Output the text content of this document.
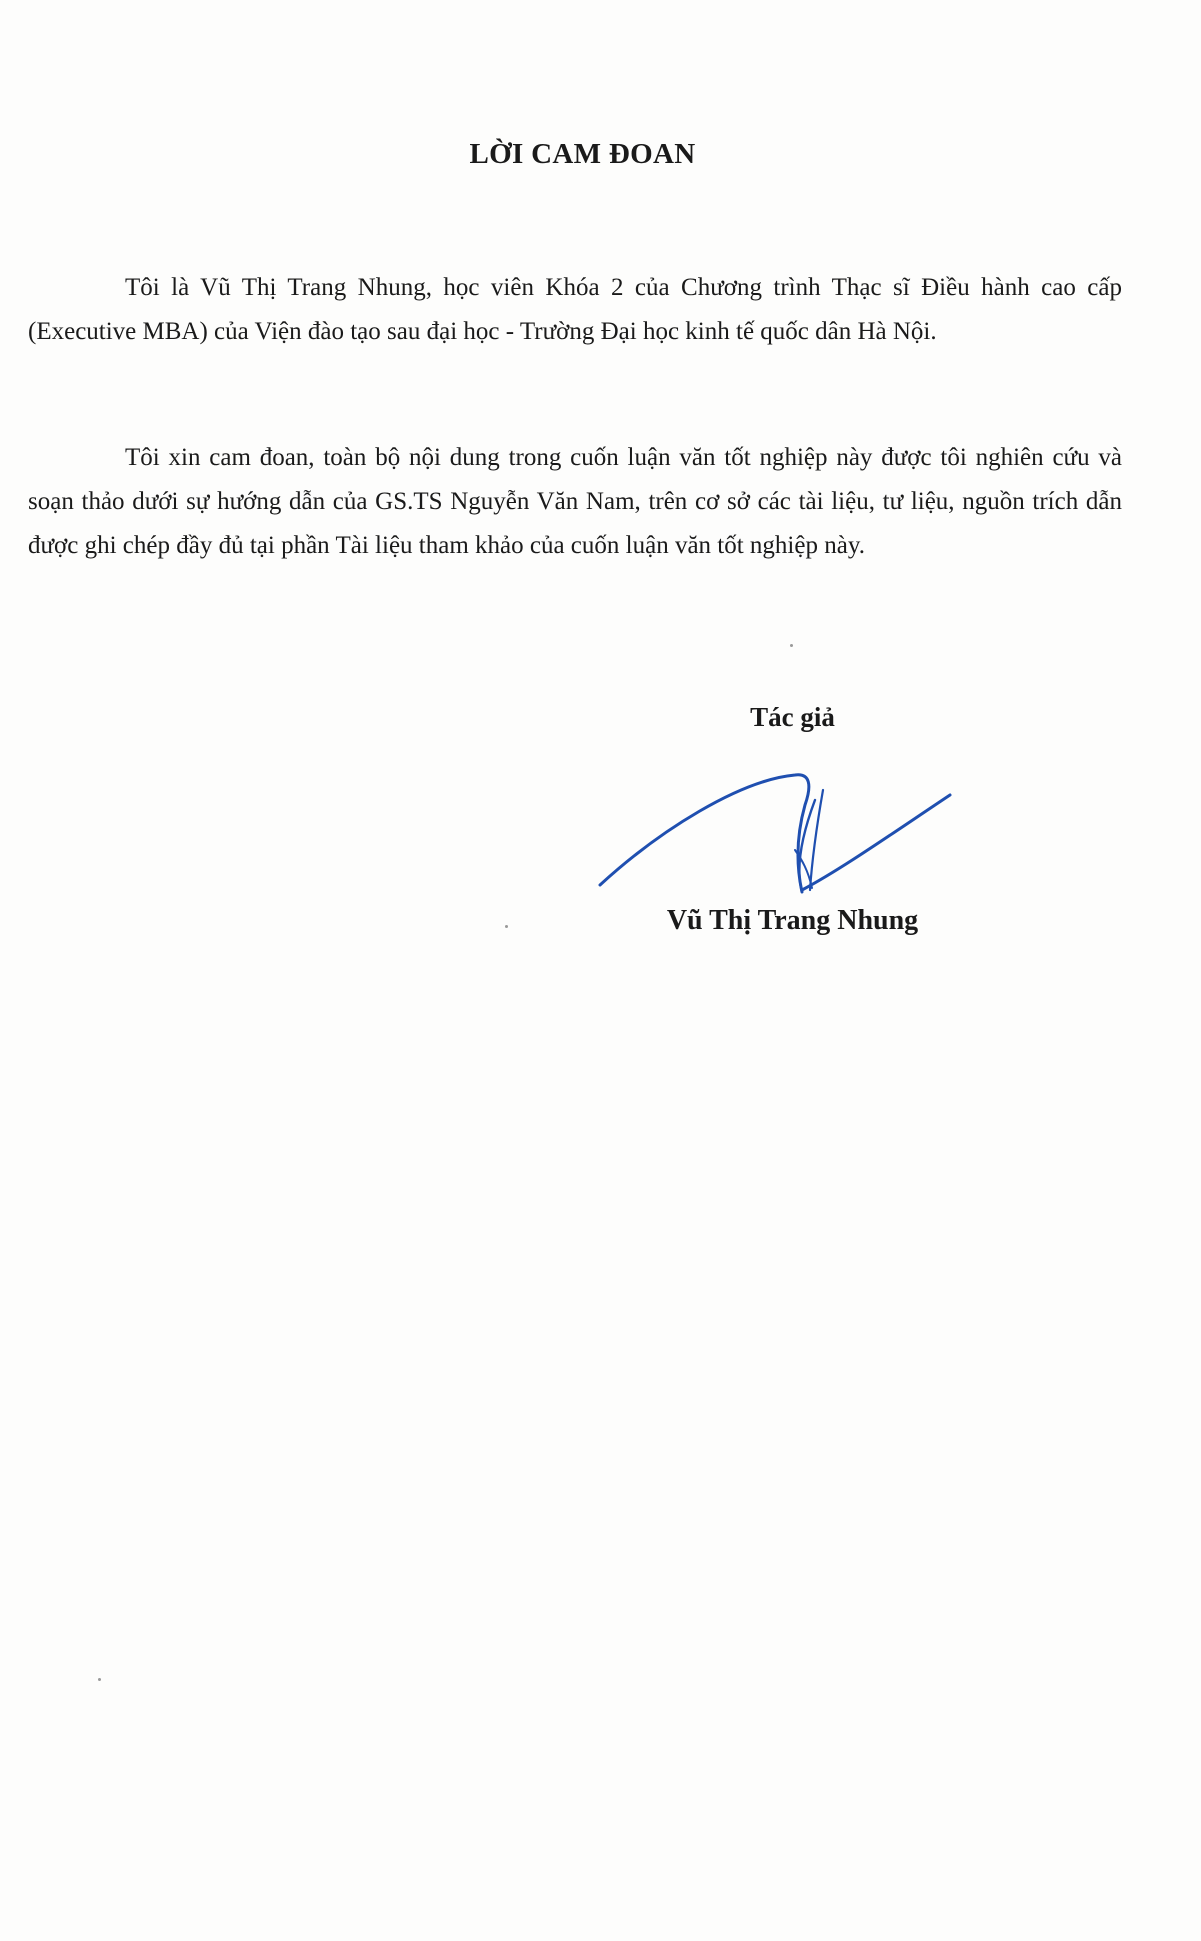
LỜI CAM ĐOAN

Tôi là Vũ Thị Trang Nhung, học viên Khóa 2 của Chương trình Thạc sĩ Điều hành cao cấp (Executive MBA) của Viện đào tạo sau đại học - Trường Đại học kinh tế quốc dân Hà Nội.

Tôi xin cam đoan, toàn bộ nội dung trong cuốn luận văn tốt nghiệp này được tôi nghiên cứu và soạn thảo dưới sự hướng dẫn của GS.TS Nguyễn Văn Nam, trên cơ sở các tài liệu, tư liệu, nguồn trích dẫn được ghi chép đầy đủ tại phần Tài liệu tham khảo của cuốn luận văn tốt nghiệp này.

Tác giả
Vũ Thị Trang Nhung
